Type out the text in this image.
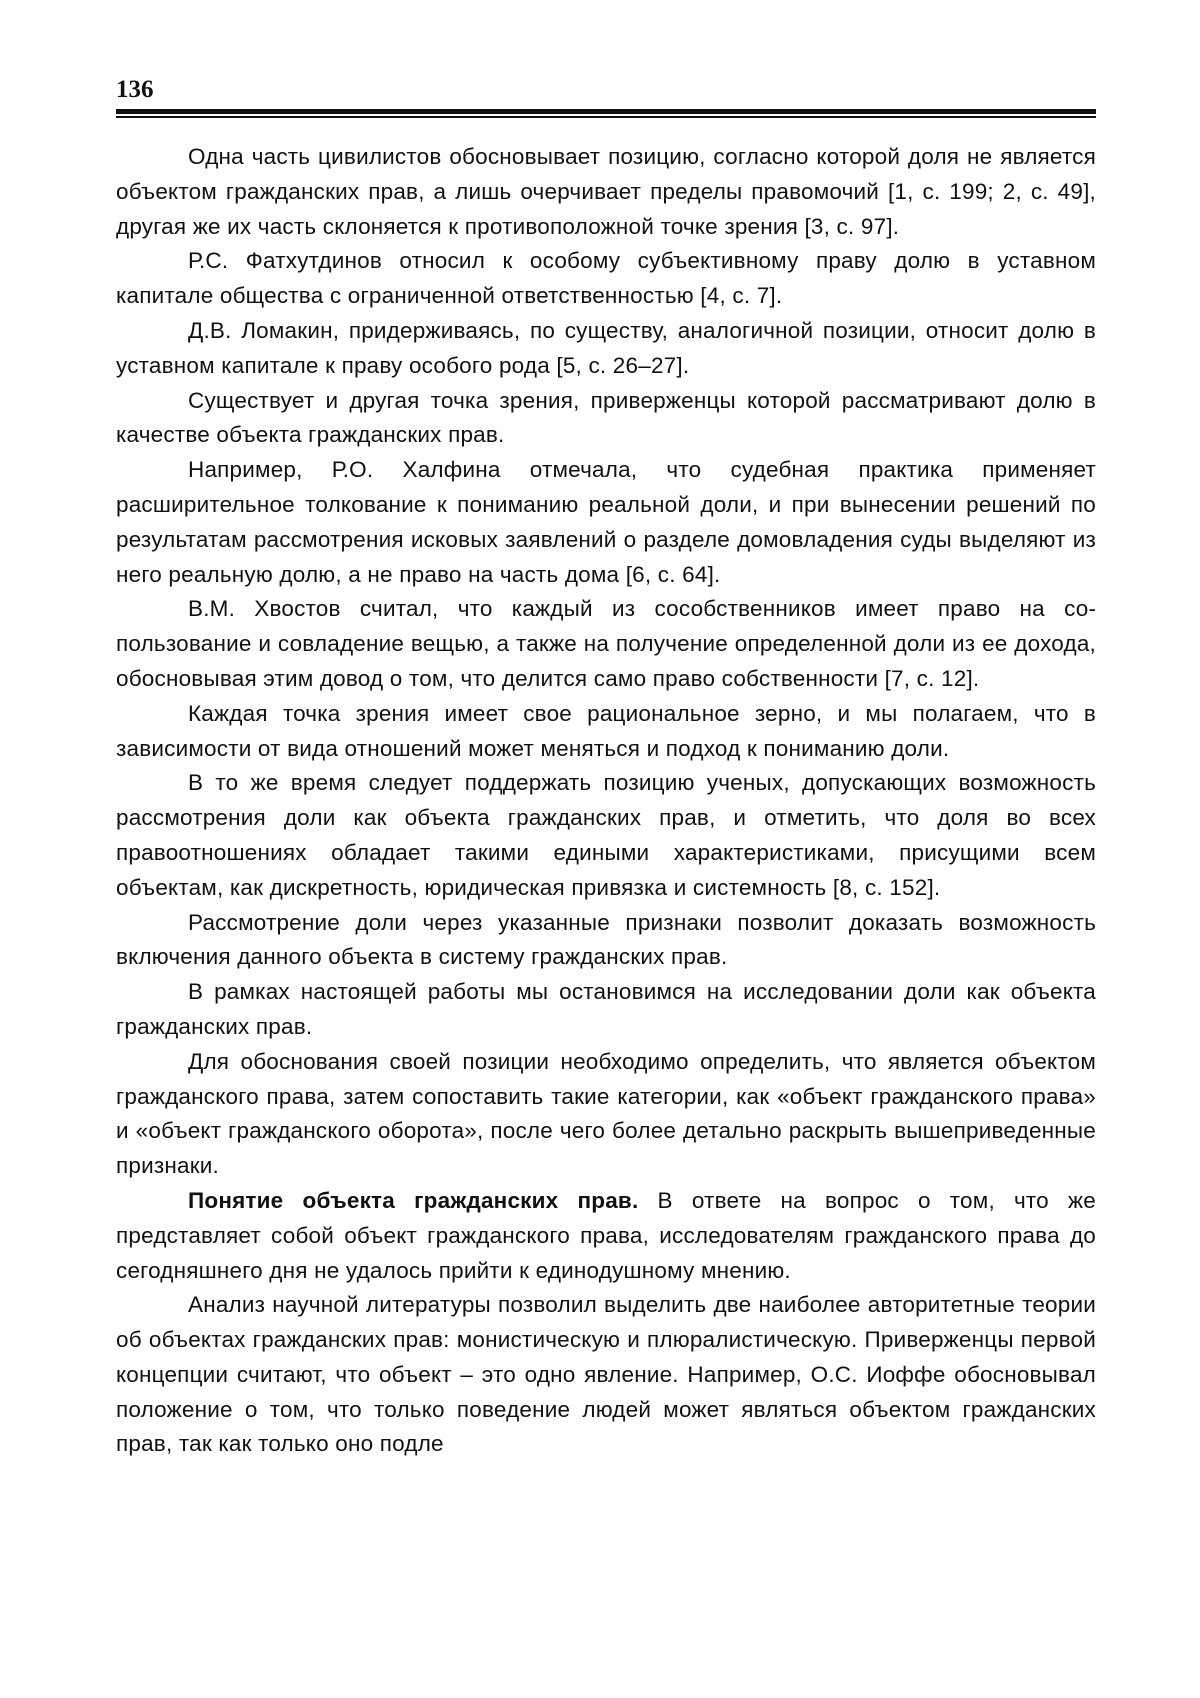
136

Одна часть цивилистов обосновывает позицию, согласно которой доля не является объектом гражданских прав, а лишь очерчивает пределы правомочий [1, с. 199; 2, с. 49], другая же их часть склоняется к противоположной точке зрения [3, с. 97].

Р.С. Фатхутдинов относил к особому субъективному праву долю в уставном капитале общества с ограниченной ответственностью [4, с. 7].

Д.В. Ломакин, придерживаясь, по существу, аналогичной позиции, относит долю в уставном капитале к праву особого рода [5, с. 26–27].

Существует и другая точка зрения, приверженцы которой рассматривают долю в качестве объекта гражданских прав.

Например, Р.О. Халфина отмечала, что судебная практика применяет расширительное толкование к пониманию реальной доли, и при вынесении решений по результатам рассмотрения исковых заявлений о разделе домовладения суды выделяют из него реальную долю, а не право на часть дома [6, с. 64].

В.М. Хвостов считал, что каждый из сособственников имеет право на сопользование и совладение вещью, а также на получение определенной доли из ее дохода, обосновывая этим довод о том, что делится само право собственности [7, с. 12].

Каждая точка зрения имеет свое рациональное зерно, и мы полагаем, что в зависимости от вида отношений может меняться и подход к пониманию доли.

В то же время следует поддержать позицию ученых, допускающих возможность рассмотрения доли как объекта гражданских прав, и отметить, что доля во всех правоотношениях обладает такими едиными характеристиками, присущими всем объектам, как дискретность, юридическая привязка и системность [8, с. 152].

Рассмотрение доли через указанные признаки позволит доказать возможность включения данного объекта в систему гражданских прав.

В рамках настоящей работы мы остановимся на исследовании доли как объекта гражданских прав.

Для обоснования своей позиции необходимо определить, что является объектом гражданского права, затем сопоставить такие категории, как «объект гражданского права» и «объект гражданского оборота», после чего более детально раскрыть вышеприведенные признаки.

Понятие объекта гражданских прав. В ответе на вопрос о том, что же представляет собой объект гражданского права, исследователям гражданского права до сегодняшнего дня не удалось прийти к единодушному мнению.

Анализ научной литературы позволил выделить две наиболее авторитетные теории об объектах гражданских прав: монистическую и плюралистическую. Приверженцы первой концепции считают, что объект – это одно явление. Например, О.С. Иоффе обосновывал положение о том, что только поведение людей может являться объектом гражданских прав, так как только оно подле
